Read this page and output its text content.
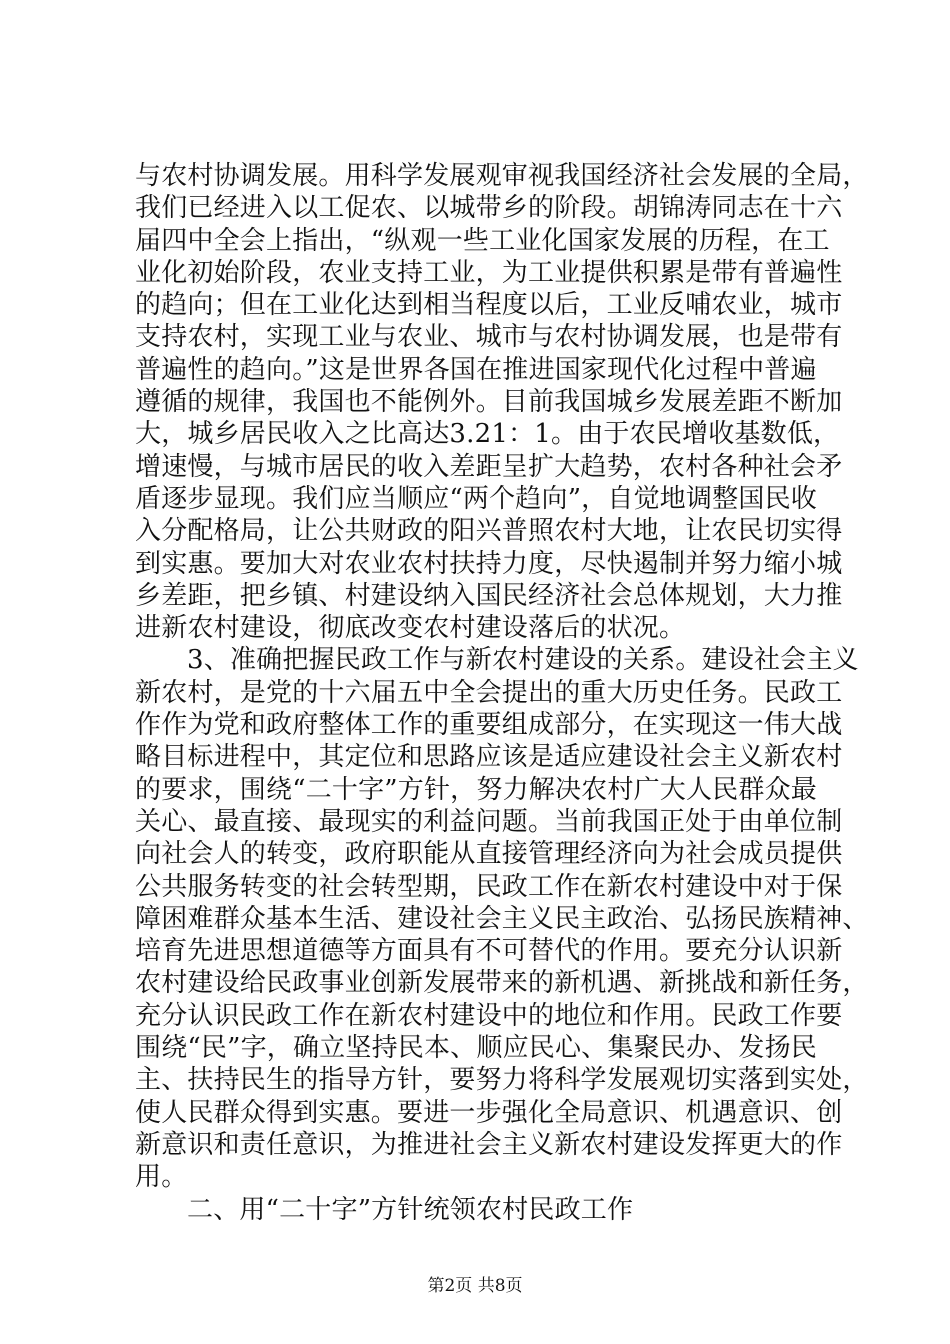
与农村协调发展。用科学发展观审视我国经济社会发展的全局，
我们已经进入以工促农、以城带乡的阶段。胡锦涛同志在十六
届四中全会上指出，“纵观一些工业化国家发展的历程，在工
业化初始阶段，农业支持工业，为工业提供积累是带有普遍性
的趋向；但在工业化达到相当程度以后，工业反哺农业，城市
支持农村，实现工业与农业、城市与农村协调发展，也是带有
普遍性的趋向。”这是世界各国在推进国家现代化过程中普遍
遵循的规律，我国也不能例外。目前我国城乡发展差距不断加
大，城乡居民收入之比高达3.21：1。由于农民增收基数低，
增速慢，与城市居民的收入差距呈扩大趋势，农村各种社会矛
盾逐步显现。我们应当顺应“两个趋向”，自觉地调整国民收
入分配格局，让公共财政的阳兴普照农村大地，让农民切实得
到实惠。要加大对农业农村扶持力度，尽快遏制并努力缩小城
乡差距，把乡镇、村建设纳入国民经济社会总体规划，大力推
进新农村建设，彻底改变农村建设落后的状况。
3、准确把握民政工作与新农村建设的关系。建设社会主义
新农村，是党的十六届五中全会提出的重大历史任务。民政工
作作为党和政府整体工作的重要组成部分，在实现这一伟大战
略目标进程中，其定位和思路应该是适应建设社会主义新农村
的要求，围绕“二十字”方针，努力解决农村广大人民群众最
关心、最直接、最现实的利益问题。当前我国正处于由单位制
向社会人的转变，政府职能从直接管理经济向为社会成员提供
公共服务转变的社会转型期，民政工作在新农村建设中对于保
障困难群众基本生活、建设社会主义民主政治、弘扬民族精神、
培育先进思想道德等方面具有不可替代的作用。要充分认识新
农村建设给民政事业创新发展带来的新机遇、新挑战和新任务，
充分认识民政工作在新农村建设中的地位和作用。民政工作要
围绕“民”字，确立坚持民本、顺应民心、集聚民办、发扬民
主、扶持民生的指导方针，要努力将科学发展观切实落到实处，
使人民群众得到实惠。要进一步强化全局意识、机遇意识、创
新意识和责任意识，为推进社会主义新农村建设发挥更大的作
用。
二、用“二十字”方针统领农村民政工作
第2页 共8页
